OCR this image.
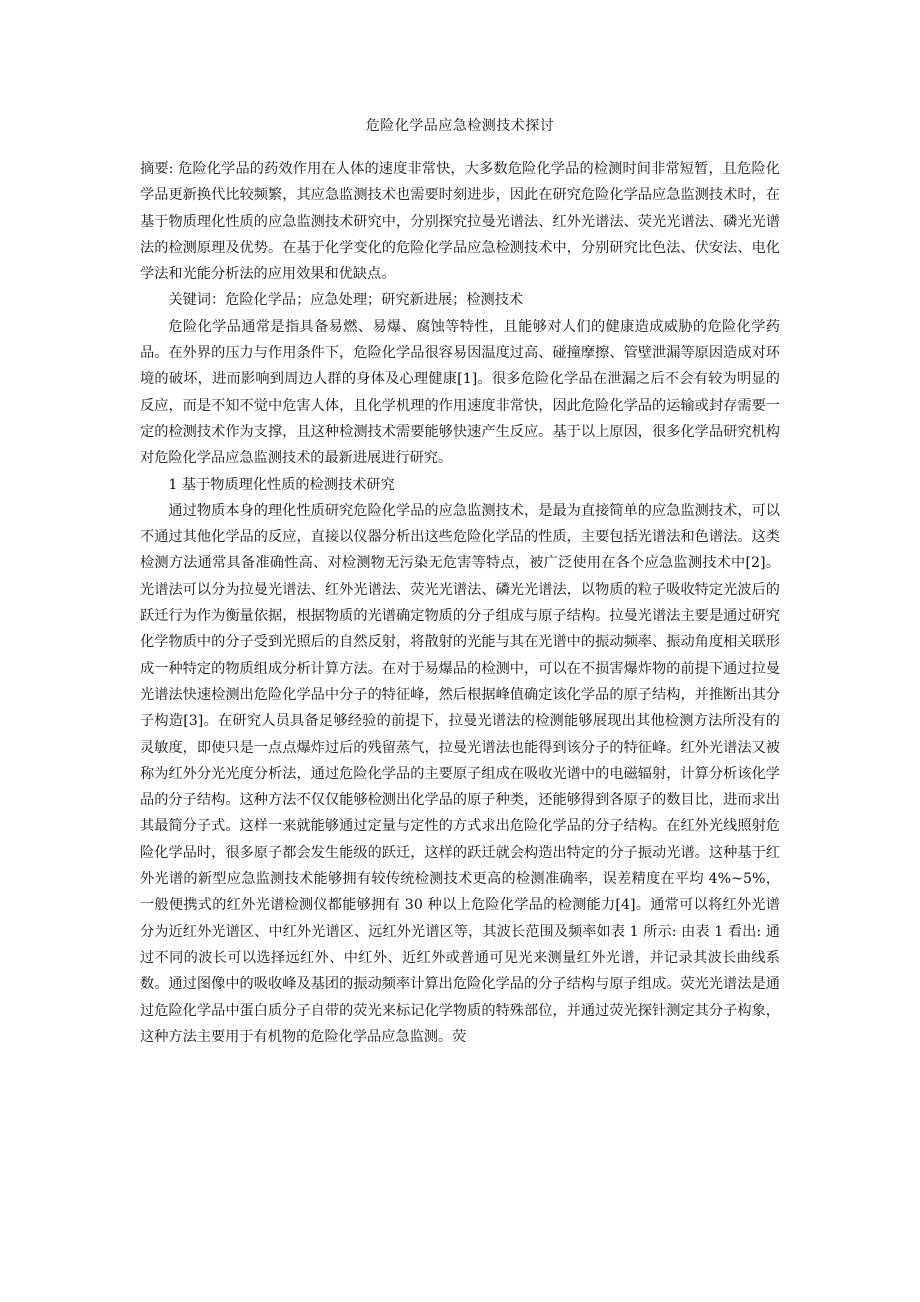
危险化学品应急检测技术探讨

摘要: 危险化学品的药效作用在人体的速度非常快，大多数危险化学品的检测时间非常短暂，且危险化学品更新换代比较频繁，其应急监测技术也需要时刻进步，因此在研究危险化学品应急监测技术时，在基于物质理化性质的应急监测技术研究中，分别探究拉曼光谱法、红外光谱法、荧光光谱法、磷光光谱法的检测原理及优势。在基于化学变化的危险化学品应急检测技术中，分别研究比色法、伏安法、电化学法和光能分析法的应用效果和优缺点。

关键词：危险化学品；应急处理；研究新进展；检测技术

危险化学品通常是指具备易燃、易爆、腐蚀等特性，且能够对人们的健康造成威胁的危险化学药品。在外界的压力与作用条件下，危险化学品很容易因温度过高、碰撞摩擦、管壁泄漏等原因造成对环境的破坏，进而影响到周边人群的身体及心理健康[1]。很多危险化学品在泄漏之后不会有较为明显的反应，而是不知不觉中危害人体，且化学机理的作用速度非常快，因此危险化学品的运输或封存需要一定的检测技术作为支撑，且这种检测技术需要能够快速产生反应。基于以上原因，很多化学品研究机构对危险化学品应急监测技术的最新进展进行研究。

1 基于物质理化性质的检测技术研究

通过物质本身的理化性质研究危险化学品的应急监测技术，是最为直接简单的应急监测技术，可以不通过其他化学品的反应，直接以仪器分析出这些危险化学品的性质，主要包括光谱法和色谱法。这类检测方法通常具备准确性高、对检测物无污染无危害等特点，被广泛使用在各个应急监测技术中[2]。光谱法可以分为拉曼光谱法、红外光谱法、荧光光谱法、磷光光谱法，以物质的粒子吸收特定光波后的跃迁行为作为衡量依据，根据物质的光谱确定物质的分子组成与原子结构。拉曼光谱法主要是通过研究化学物质中的分子受到光照后的自然反射，将散射的光能与其在光谱中的振动频率、振动角度相关联形成一种特定的物质组成分析计算方法。在对于易爆品的检测中，可以在不损害爆炸物的前提下通过拉曼光谱法快速检测出危险化学品中分子的特征峰，然后根据峰值确定该化学品的原子结构，并推断出其分子构造[3]。在研究人员具备足够经验的前提下，拉曼光谱法的检测能够展现出其他检测方法所没有的灵敏度，即使只是一点点爆炸过后的残留蒸气，拉曼光谱法也能得到该分子的特征峰。红外光谱法又被称为红外分光光度分析法，通过危险化学品的主要原子组成在吸收光谱中的电磁辐射，计算分析该化学品的分子结构。这种方法不仅仅能够检测出化学品的原子种类，还能够得到各原子的数目比，进而求出其最简分子式。这样一来就能够通过定量与定性的方式求出危险化学品的分子结构。在红外光线照射危险化学品时，很多原子都会发生能级的跃迁，这样的跃迁就会构造出特定的分子振动光谱。这种基于红外光谱的新型应急监测技术能够拥有较传统检测技术更高的检测准确率，误差精度在平均 4%~5%，一般便携式的红外光谱检测仪都能够拥有 30 种以上危险化学品的检测能力[4]。通常可以将红外光谱分为近红外光谱区、中红外光谱区、远红外光谱区等，其波长范围及频率如表 1 所示: 由表 1 看出: 通过不同的波长可以选择远红外、中红外、近红外或普通可见光来测量红外光谱，并记录其波长曲线系数。通过图像中的吸收峰及基团的振动频率计算出危险化学品的分子结构与原子组成。荧光光谱法是通过危险化学品中蛋白质分子自带的荧光来标记化学物质的特殊部位，并通过荧光探针测定其分子构象，这种方法主要用于有机物的危险化学品应急监测。荧
